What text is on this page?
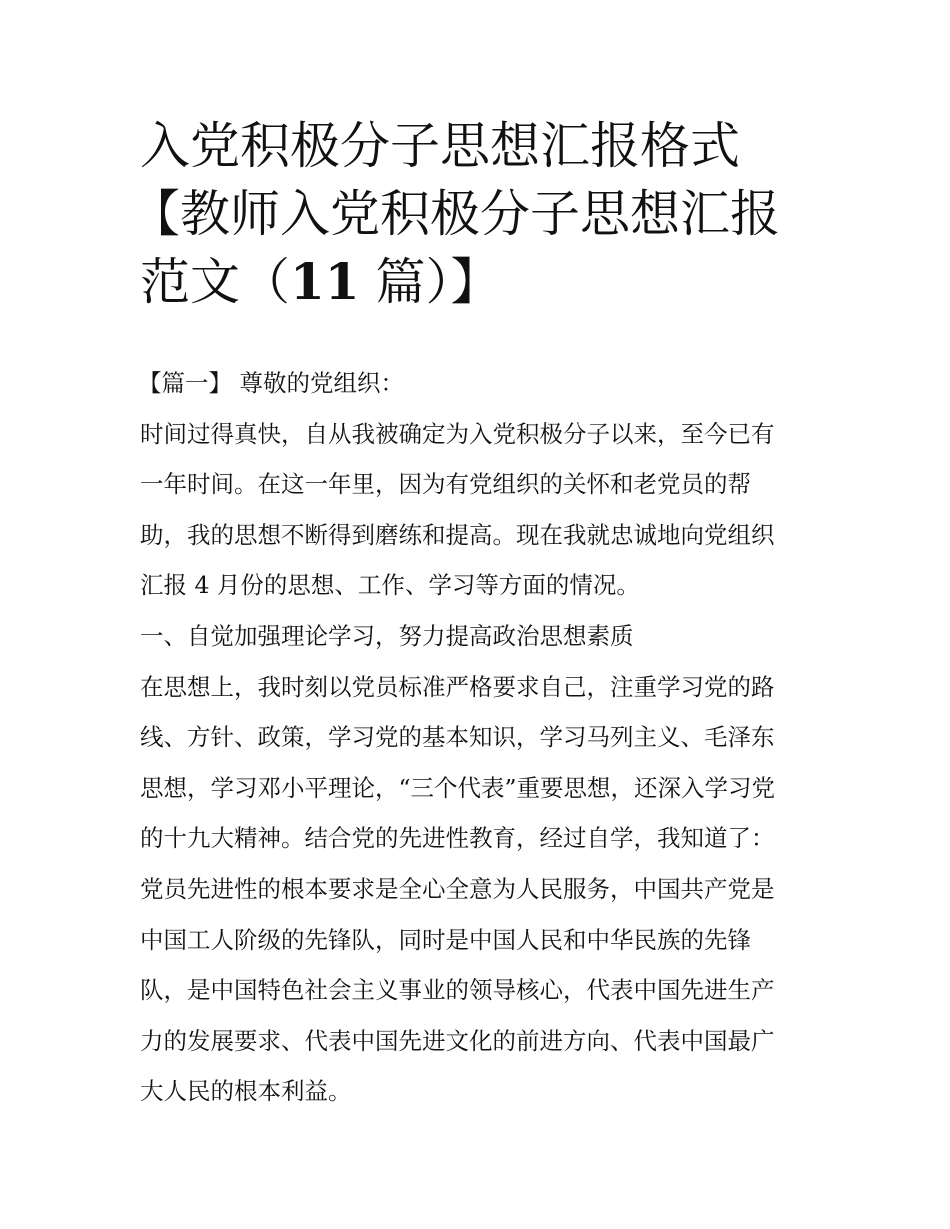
入党积极分子思想汇报格式
【教师入党积极分子思想汇报
范文（11 篇）】
【篇一】 尊敬的党组织：
时间过得真快，自从我被确定为入党积极分子以来，至今已有
一年时间。在这一年里，因为有党组织的关怀和老党员的帮
助，我的思想不断得到磨练和提高。现在我就忠诚地向党组织
汇报 4 月份的思想、工作、学习等方面的情况。
一、自觉加强理论学习，努力提高政治思想素质
在思想上，我时刻以党员标准严格要求自己，注重学习党的路
线、方针、政策，学习党的基本知识，学习马列主义、毛泽东
思想，学习邓小平理论，“三个代表”重要思想，还深入学习党
的十九大精神。结合党的先进性教育，经过自学，我知道了：
党员先进性的根本要求是全心全意为人民服务，中国共产党是
中国工人阶级的先锋队，同时是中国人民和中华民族的先锋
队，是中国特色社会主义事业的领导核心，代表中国先进生产
力的发展要求、代表中国先进文化的前进方向、代表中国最广
大人民的根本利益。
